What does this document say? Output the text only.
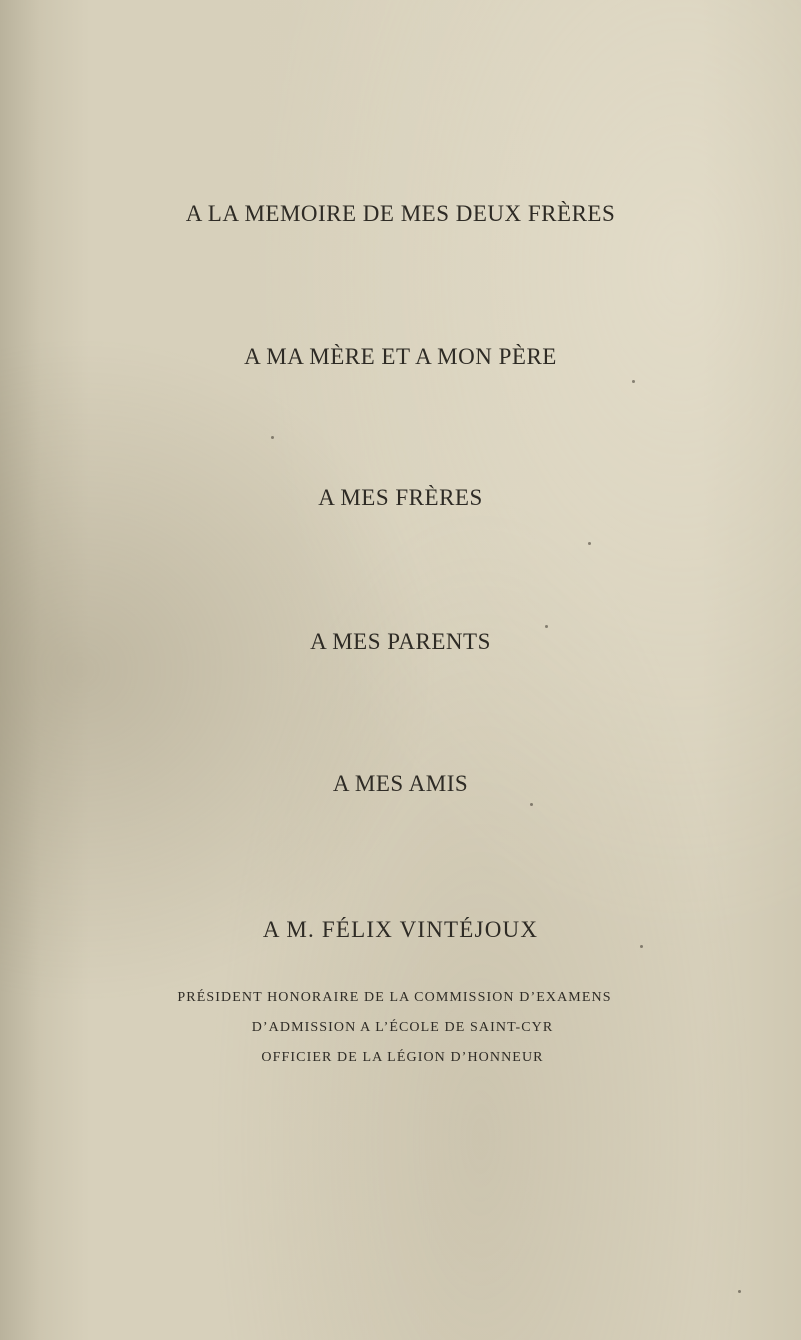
A LA MEMOIRE DE MES DEUX FRÈRES
A MA MÈRE ET A MON PÈRE
A MES FRÈRES
A MES PARENTS
A MES AMIS
A M. FÉLIX VINTÉJOUX
PRÉSIDENT HONORAIRE DE LA COMMISSION D’EXAMENS
D’ADMISSION A L’ÉCOLE DE SAINT-CYR
OFFICIER DE LA LÉGION D’HONNEUR
